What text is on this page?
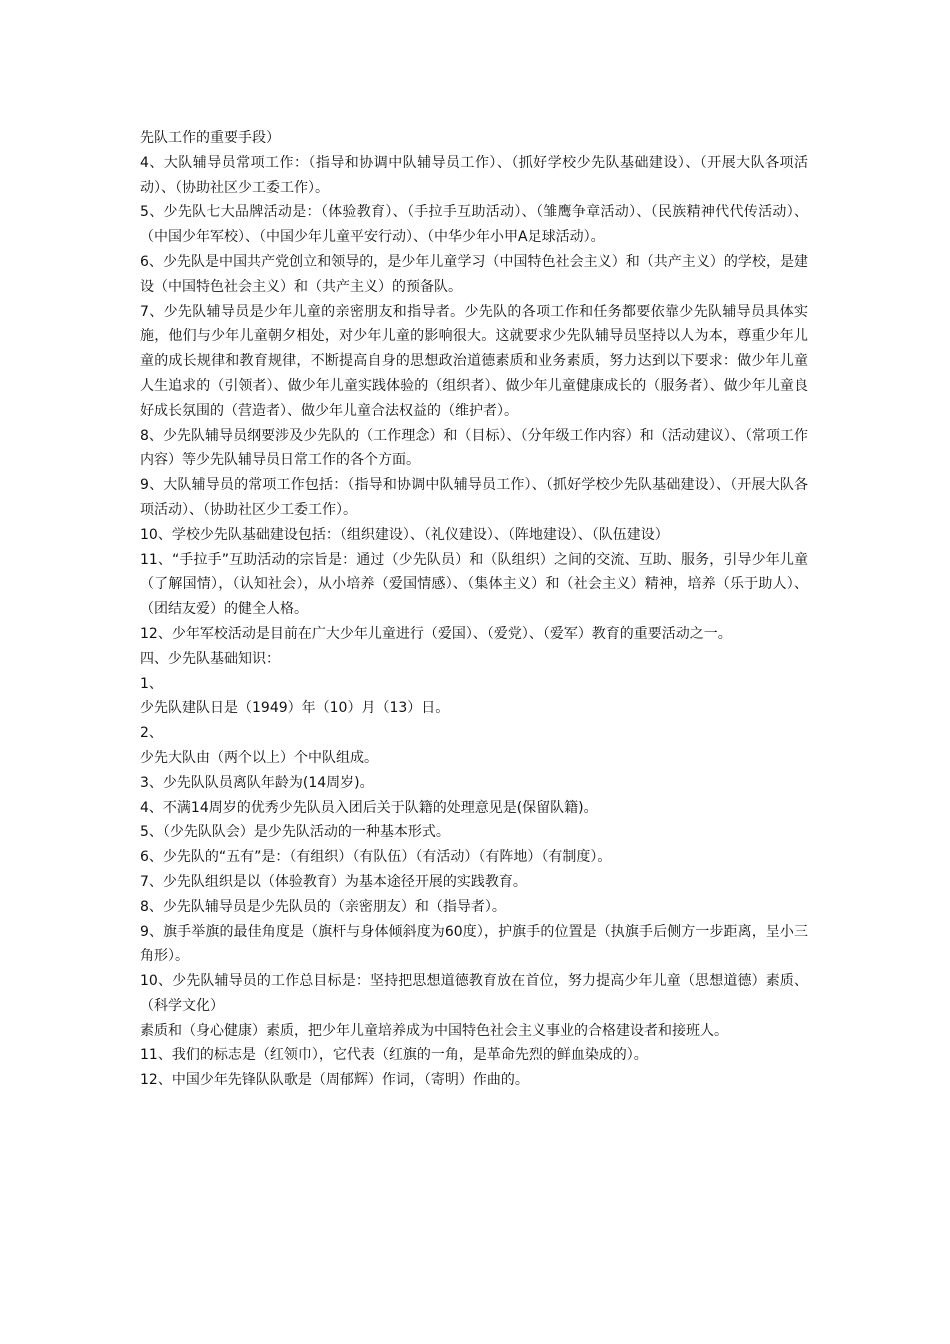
先队工作的重要手段）

4、大队辅导员常项工作：（指导和协调中队辅导员工作）、（抓好学校少先队基础建设）、（开展大队各项活动）、（协助社区少工委工作）。

5、少先队七大品牌活动是：（体验教育）、（手拉手互助活动）、（雏鹰争章活动）、（民族精神代代传活动）、（中国少年军校）、（中国少年儿童平安行动）、（中华少年小甲A足球活动）。

6、少先队是中国共产党创立和领导的，是少年儿童学习（中国特色社会主义）和（共产主义）的学校，是建设（中国特色社会主义）和（共产主义）的预备队。

7、少先队辅导员是少年儿童的亲密朋友和指导者。少先队的各项工作和任务都要依靠少先队辅导员具体实施，他们与少年儿童朝夕相处，对少年儿童的影响很大。这就要求少先队辅导员坚持以人为本，尊重少年儿童的成长规律和教育规律，不断提高自身的思想政治道德素质和业务素质，努力达到以下要求：做少年儿童人生追求的（引领者）、做少年儿童实践体验的（组织者）、做少年儿童健康成长的（服务者）、做少年儿童良好成长氛围的（营造者）、做少年儿童合法权益的（维护者）。

8、少先队辅导员纲要涉及少先队的（工作理念）和（目标）、（分年级工作内容）和（活动建议）、（常项工作内容）等少先队辅导员日常工作的各个方面。

9、大队辅导员的常项工作包括：（指导和协调中队辅导员工作）、（抓好学校少先队基础建设）、（开展大队各项活动）、（协助社区少工委工作）。

10、学校少先队基础建设包括：（组织建设）、（礼仪建设）、（阵地建设）、（队伍建设）

11、“手拉手”互助活动的宗旨是：通过（少先队员）和（队组织）之间的交流、互助、服务，引导少年儿童（了解国情），（认知社会），从小培养（爱国情感）、（集体主义）和（社会主义）精神，培养（乐于助人）、（团结友爱）的健全人格。

12、少年军校活动是目前在广大少年儿童进行（爱国）、（爱党）、（爱军）教育的重要活动之一。

四、少先队基础知识：

1、

少先队建队日是（1949）年（10）月（13）日。

2、

少先大队由（两个以上）个中队组成。

3、少先队队员离队年龄为(14周岁)。

4、不满14周岁的优秀少先队员入团后关于队籍的处理意见是(保留队籍)。

5、（少先队队会）是少先队活动的一种基本形式。

6、少先队的“五有”是：（有组织）（有队伍）（有活动）（有阵地）（有制度）。

7、少先队组织是以（体验教育）为基本途径开展的实践教育。

8、少先队辅导员是少先队员的（亲密朋友）和（指导者）。

9、旗手举旗的最佳角度是（旗杆与身体倾斜度为60度），护旗手的位置是（执旗手后侧方一步距离，呈小三角形）。

10、少先队辅导员的工作总目标是：坚持把思想道德教育放在首位，努力提高少年儿童（思想道德）素质、（科学文化）

素质和（身心健康）素质，把少年儿童培养成为中国特色社会主义事业的合格建设者和接班人。

11、我们的标志是（红领巾），它代表（红旗的一角，是革命先烈的鲜血染成的）。

12、中国少年先锋队队歌是（周郁辉）作词，（寄明）作曲的。
